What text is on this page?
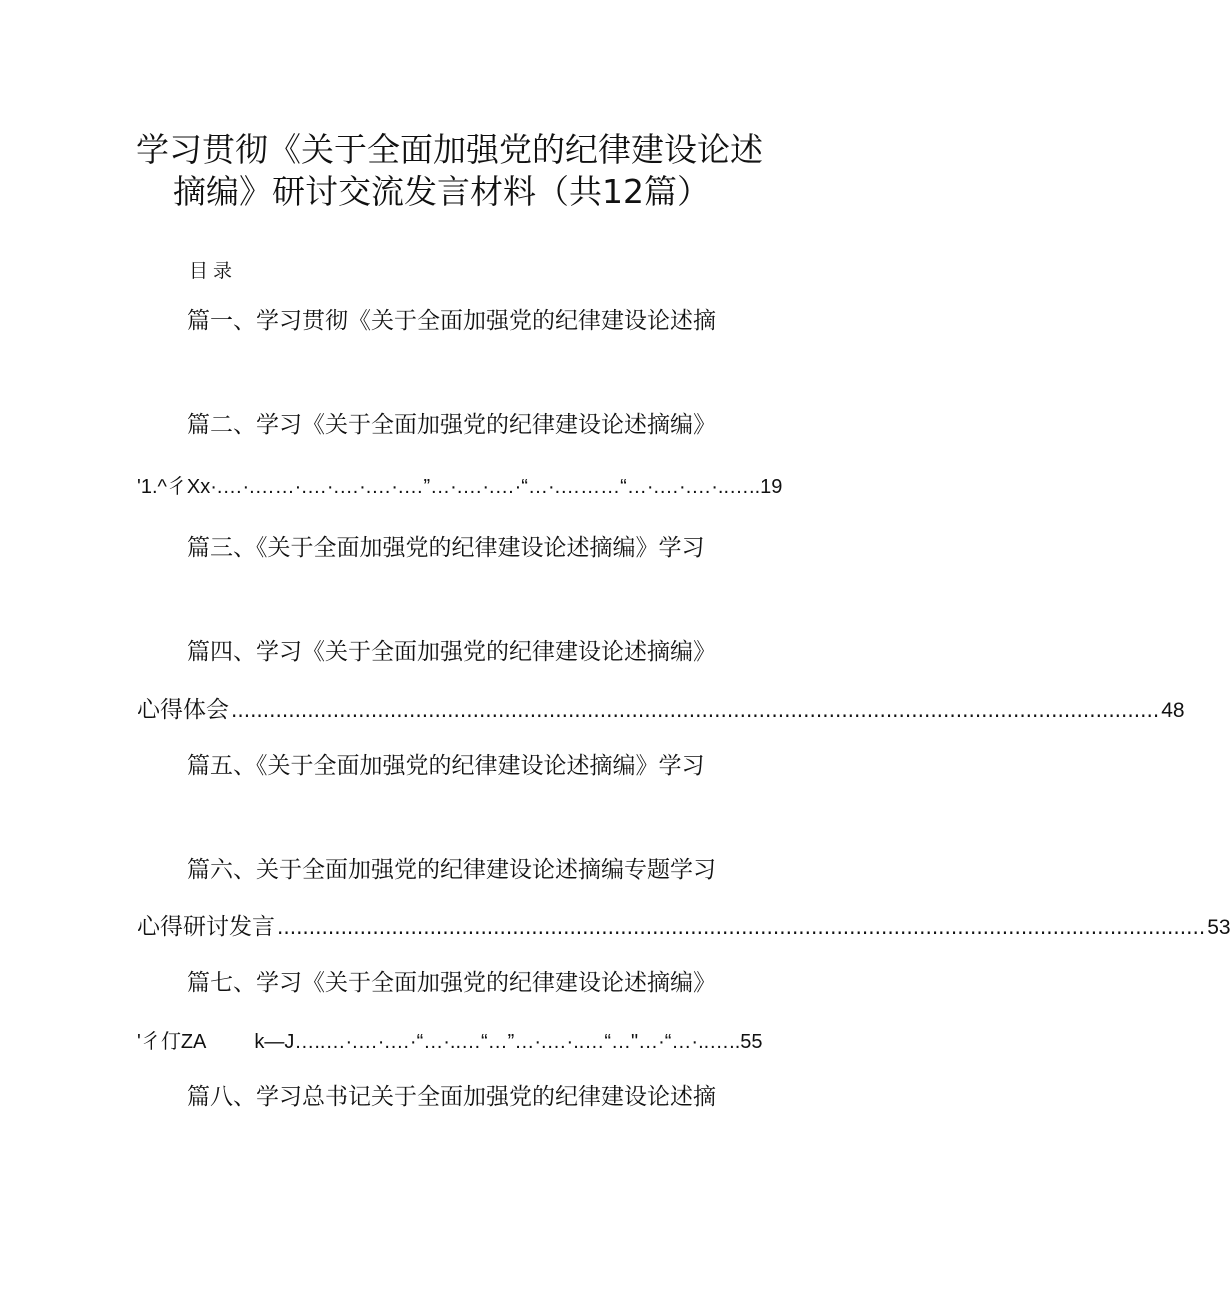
学习贯彻《关于全面加强党的纪律建设论述
摘编》研讨交流发言材料（共12篇）
目录
篇一、学习贯彻《关于全面加强党的纪律建设论述摘
篇二、学习《关于全面加强党的纪律建设论述摘编》
'1.^彳Xx·.…·.……·.…·.…·.…·.…”…·.…·.…·“…·.………“…·.…·.…·..…..19
篇三、《关于全面加强党的纪律建设论述摘编》学习
篇四、学习《关于全面加强党的纪律建设论述摘编》
心得体会 .................................................................................................................................................. 48
篇五、《关于全面加强党的纪律建设论述摘编》学习
篇六、关于全面加强党的纪律建设论述摘编专题学习
心得研讨发言 .................................................................................................................................................. 53
篇七、学习《关于全面加强党的纪律建设论述摘编》
'彳仃ZA k—J…..…·.…·.…·“…·..…“…”…·.…·..…“…"…·“…·..…..55
篇八、学习总书记关于全面加强党的纪律建设论述摘
